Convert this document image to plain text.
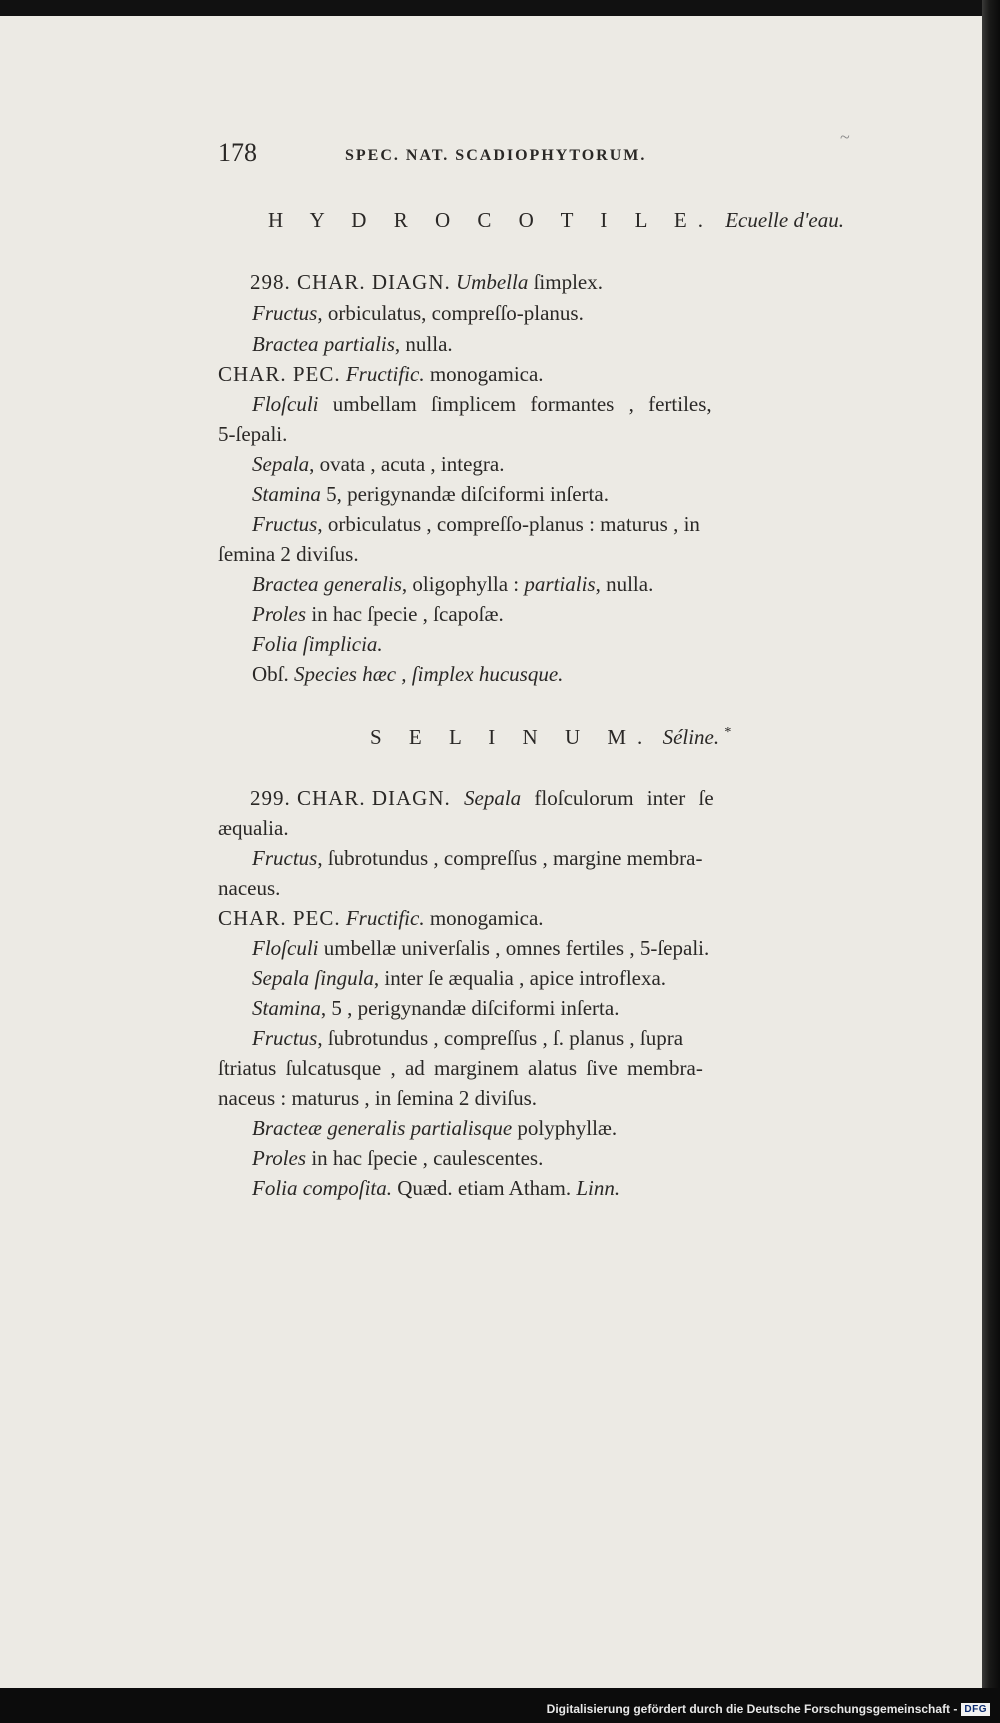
178	SPEC. NAT. SCADIOPHYTORUM.
~
H Y D R O C O T I L E. Ecuelle d'eau.
298. CHAR. DIAGN. Umbella ſimplex.
Fructus, orbiculatus, compreſſo-planus.
Bractea partialis, nulla.
CHAR. PEC. Fructific. monogamica.
Floſculi umbellam ſimplicem formantes , fertiles,
5-ſepali.
Sepala, ovata , acuta , integra.
Stamina 5, perigynandæ diſciformi inſerta.
Fructus, orbiculatus , compreſſo-planus : maturus , in
ſemina 2 diviſus.
Bractea generalis, oligophylla : partialis, nulla.
Proles in hac ſpecie , ſcapoſæ.
Folia ſimplicia.
Obſ. Species hæc , ſimplex hucusque.
S E L I N U M. Séline. *
299. CHAR. DIAGN. Sepala floſculorum inter ſe
æqualia.
Fructus, ſubrotundus , compreſſus , margine membra-
naceus.
CHAR. PEC. Fructific. monogamica.
Floſculi umbellæ univerſalis , omnes fertiles , 5-ſepali.
Sepala ſingula, inter ſe æqualia , apice introflexa.
Stamina, 5 , perigynandæ diſciformi inſerta.
Fructus, ſubrotundus , compreſſus , ſ. planus , ſupra
ſtriatus ſulcatusque , ad marginem alatus ſive membra-
naceus : maturus , in ſemina 2 diviſus.
Bracteæ generalis partialisque polyphyllæ.
Proles in hac ſpecie , caulescentes.
Folia compoſita. Quæd. etiam Atham. Linn.
Digitalisierung gefördert durch die Deutsche Forschungsgemeinschaft - DFG
